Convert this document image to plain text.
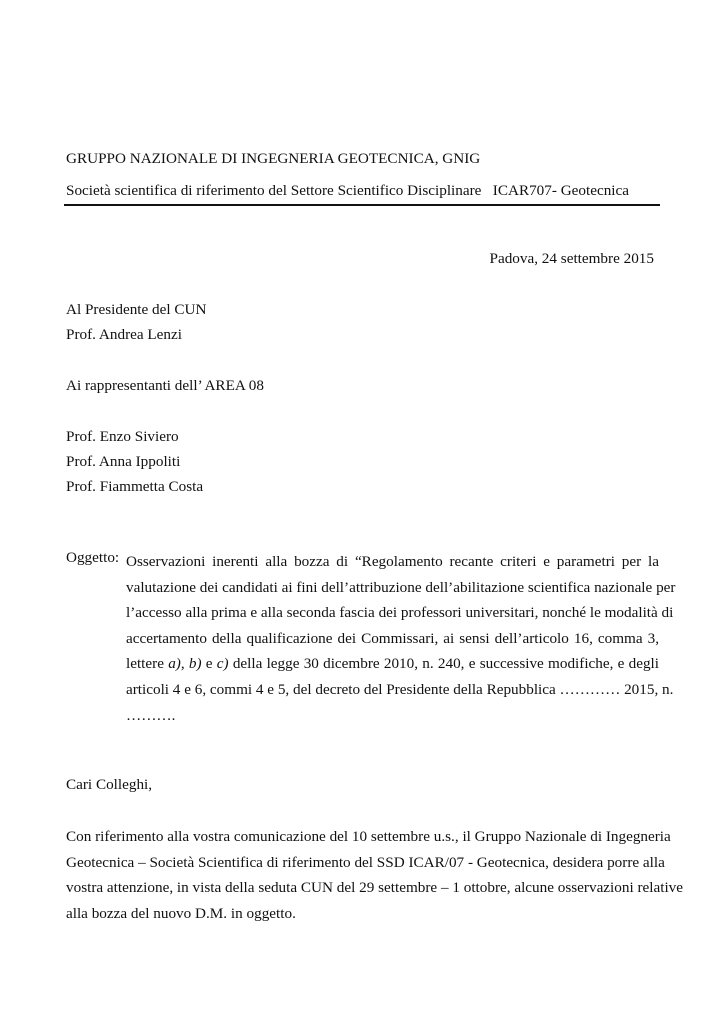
GRUPPO NAZIONALE DI INGEGNERIA GEOTECNICA, GNIG
Società scientifica di riferimento del Settore Scientifico Disciplinare   ICAR707- Geotecnica
Padova, 24 settembre 2015
Al Presidente del CUN
Prof. Andrea Lenzi
Ai rappresentanti dell’ AREA 08
Prof. Enzo Siviero
Prof. Anna Ippoliti
Prof. Fiammetta Costa
Oggetto: Osservazioni inerenti alla bozza di “Regolamento recante criteri e parametri per la
valutazione dei candidati ai fini dell’attribuzione dell’abilitazione scientifica nazionale per
l’accesso alla prima e alla seconda fascia dei professori universitari, nonché le modalità di
accertamento della qualificazione dei Commissari, ai sensi dell’articolo 16, comma 3,
lettere a), b) e c) della legge 30 dicembre 2010, n. 240, e successive modifiche, e degli
articoli 4 e 6, commi 4 e 5, del decreto del Presidente della Repubblica ………… 2015, n.
……….
Cari Colleghi,
Con riferimento alla vostra comunicazione del 10 settembre u.s., il Gruppo Nazionale di Ingegneria
Geotecnica – Società Scientifica di riferimento del SSD ICAR/07 - Geotecnica, desidera porre alla
vostra attenzione, in vista della seduta CUN del 29 settembre – 1 ottobre, alcune osservazioni relative
alla bozza del nuovo D.M. in oggetto.
